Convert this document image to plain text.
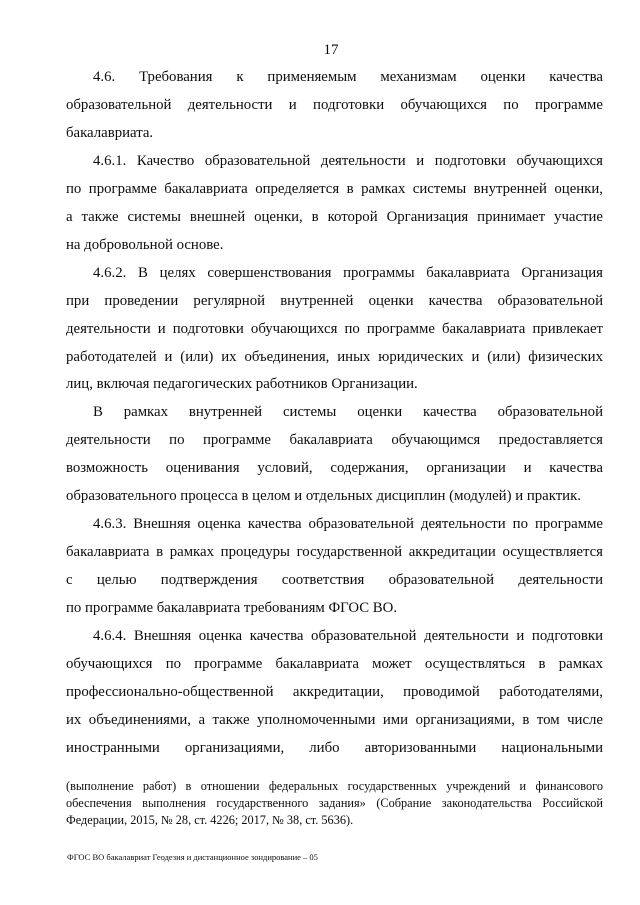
17
4.6. Требования к применяемым механизмам оценки качества
образовательной деятельности и подготовки обучающихся по программе
бакалавриата.
4.6.1. Качество образовательной деятельности и подготовки обучающихся
по программе бакалавриата определяется в рамках системы внутренней оценки,
а также системы внешней оценки, в которой Организация принимает участие
на добровольной основе.
4.6.2. В целях совершенствования программы бакалавриата Организация
при проведении регулярной внутренней оценки качества образовательной
деятельности и подготовки обучающихся по программе бакалавриата привлекает
работодателей и (или) их объединения, иных юридических и (или) физических
лиц, включая педагогических работников Организации.
В рамках внутренней системы оценки качества образовательной
деятельности по программе бакалавриата обучающимся предоставляется
возможность оценивания условий, содержания, организации и качества
образовательного процесса в целом и отдельных дисциплин (модулей) и практик.
4.6.3. Внешняя оценка качества образовательной деятельности по программе
бакалавриата в рамках процедуры государственной аккредитации осуществляется
с целью подтверждения соответствия образовательной деятельности
по программе бакалавриата требованиям ФГОС ВО.
4.6.4. Внешняя оценка качества образовательной деятельности и подготовки
обучающихся по программе бакалавриата может осуществляться в рамках
профессионально-общественной аккредитации, проводимой работодателями,
их объединениями, а также уполномоченными ими организациями, в том числе
иностранными организациями, либо авторизованными национальными
(выполнение работ) в отношении федеральных государственных учреждений и финансового
обеспечения выполнения государственного задания» (Собрание законодательства Российской
Федерации, 2015, № 28, ст. 4226; 2017, № 38, ст. 5636).
ФГОС ВО бакалавриат Геодезия и дистанционное зондирование – 05
